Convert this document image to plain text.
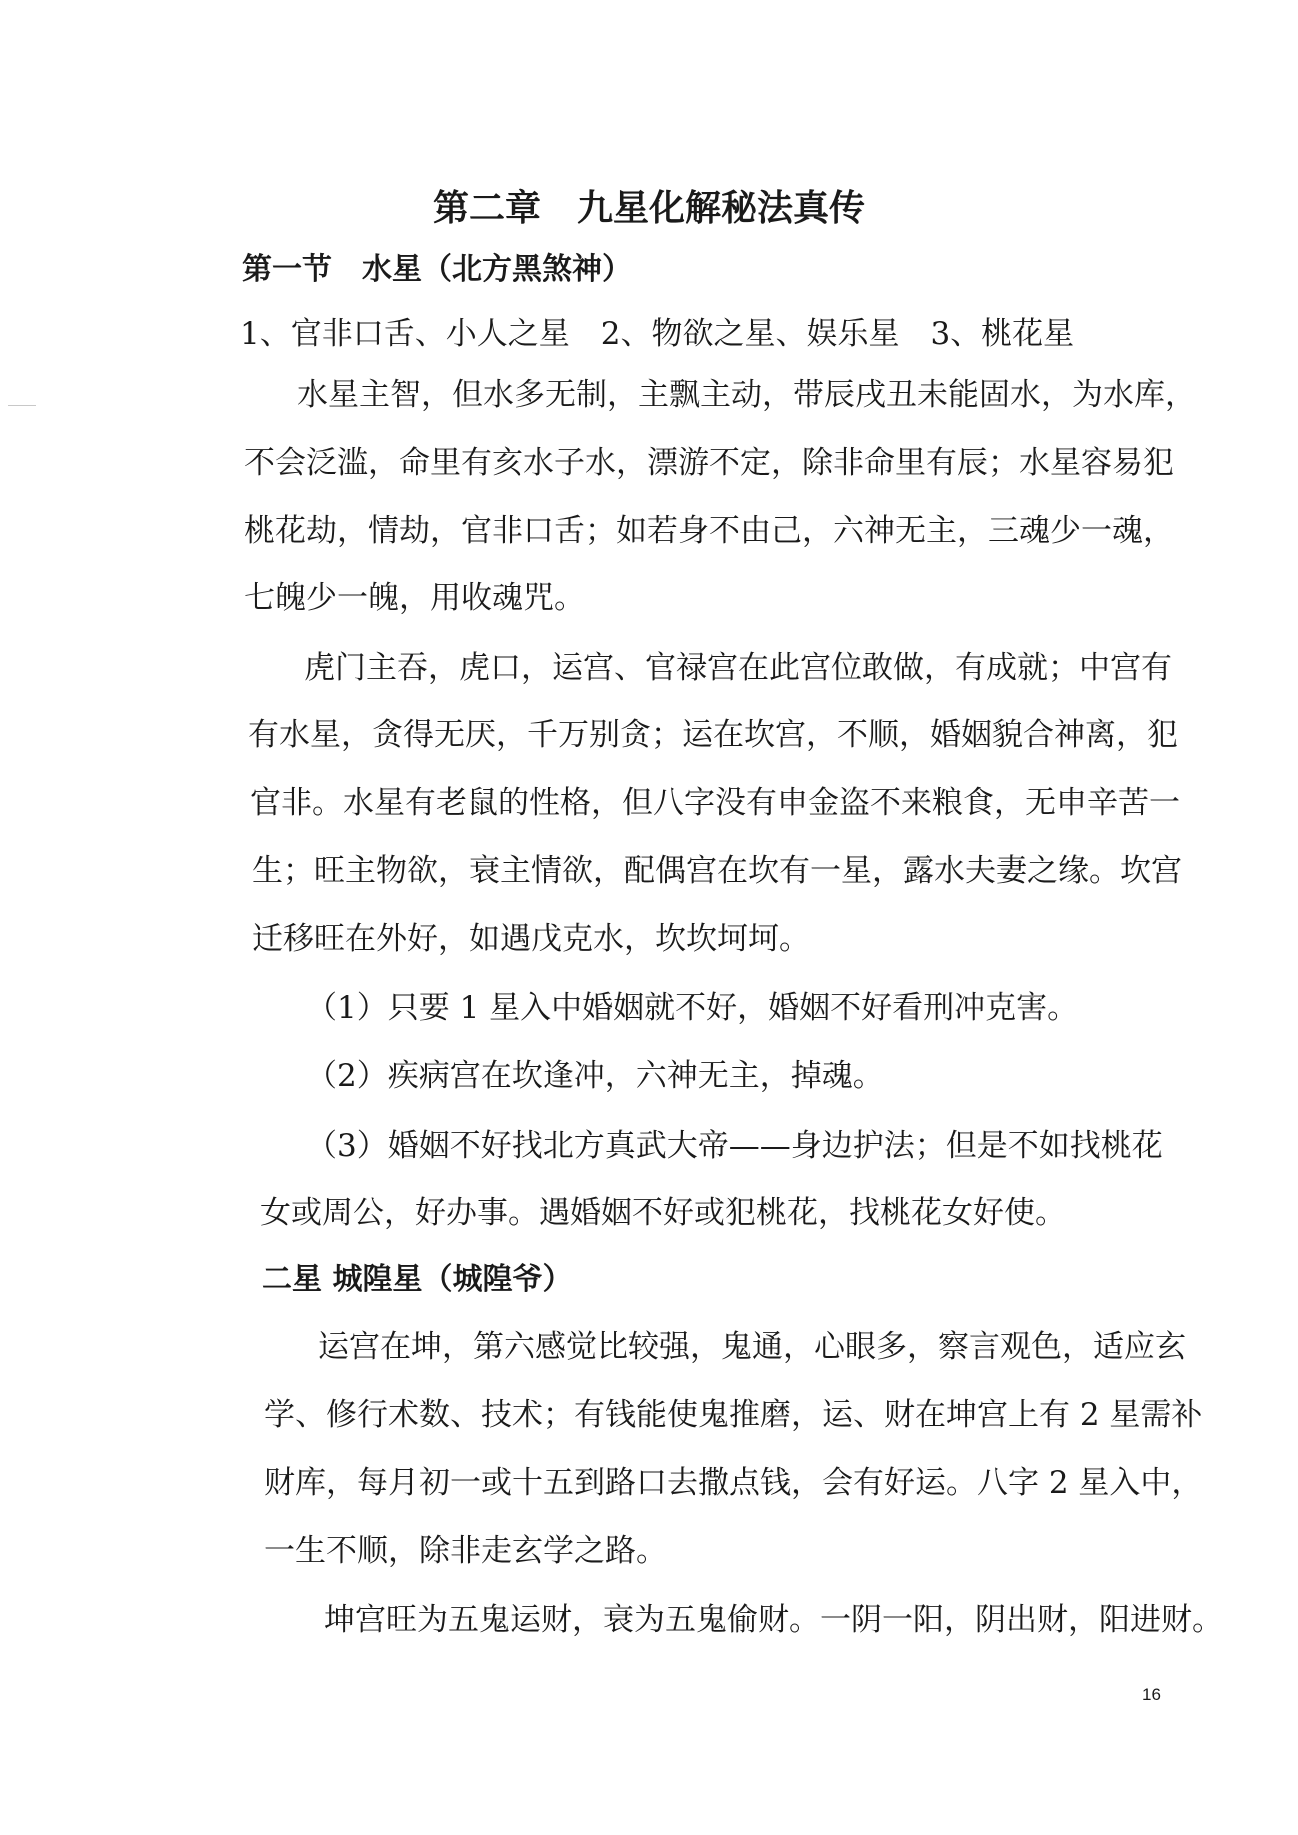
第二章　九星化解秘法真传
第一节　水星（北方黑煞神）
1、官非口舌、小人之星　2、物欲之星、娱乐星　3、桃花星
水星主智，但水多无制，主飘主动，带辰戌丑未能固水，为水库，
不会泛滥，命里有亥水子水，漂游不定，除非命里有辰；水星容易犯
桃花劫，情劫，官非口舌；如若身不由己，六神无主，三魂少一魂，
七魄少一魄，用收魂咒。
虎门主吞，虎口，运宫、官禄宫在此宫位敢做，有成就；中宫有
有水星，贪得无厌，千万别贪；运在坎宫，不顺，婚姻貌合神离，犯
官非。水星有老鼠的性格，但八字没有申金盗不来粮食，无申辛苦一
生；旺主物欲，衰主情欲，配偶宫在坎有一星，露水夫妻之缘。坎宫
迁移旺在外好，如遇戊克水，坎坎坷坷。
（1）只要 1 星入中婚姻就不好，婚姻不好看刑冲克害。
（2）疾病宫在坎逢冲，六神无主，掉魂。
（3）婚姻不好找北方真武大帝——身边护法；但是不如找桃花
女或周公，好办事。遇婚姻不好或犯桃花，找桃花女好使。
二星 城隍星（城隍爷）
运宫在坤，第六感觉比较强，鬼通，心眼多，察言观色，适应玄
学、修行术数、技术；有钱能使鬼推磨，运、财在坤宫上有 2 星需补
财库，每月初一或十五到路口去撒点钱，会有好运。八字 2 星入中，
一生不顺，除非走玄学之路。
坤宫旺为五鬼运财，衰为五鬼偷财。一阴一阳，阴出财，阳进财。
16
